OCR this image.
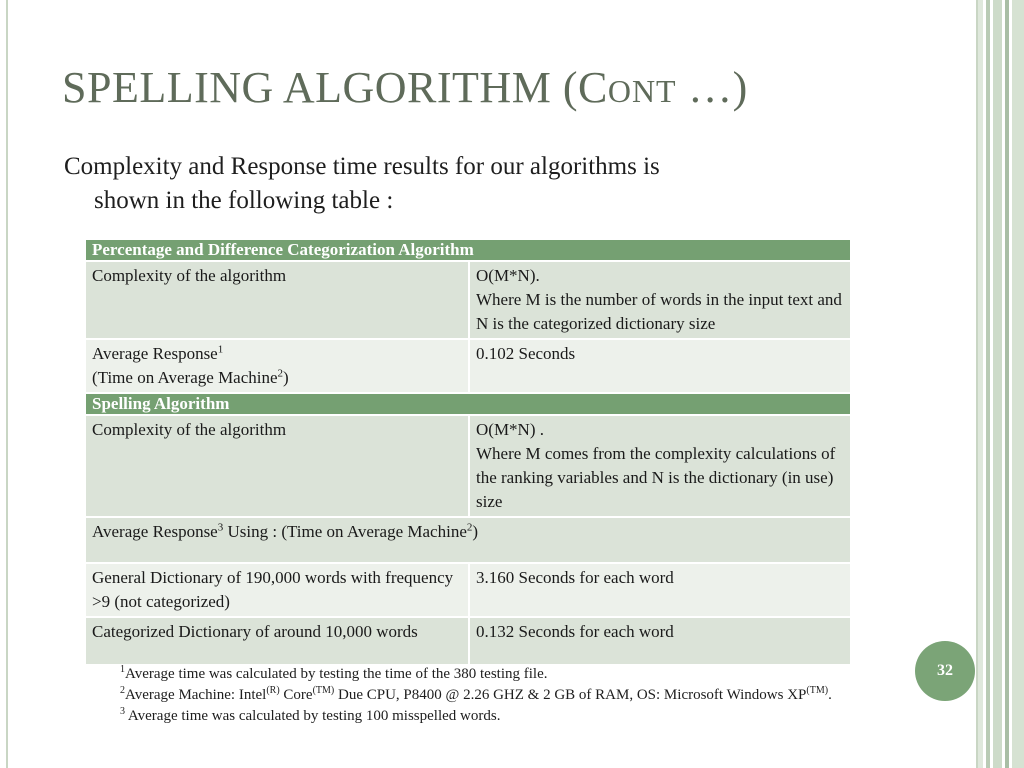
SPELLING ALGORITHM (CONT …)
Complexity and Response time results for our algorithms is
shown in the following table :
Percentage and Difference Categorization Algorithm	
Complexity of the algorithm	O(M*N).
Where M is the number of words in the input text and N is the categorized dictionary size

Average Response$^1$
(Time on Average Machine$^2$)	0.102 Seconds
Spelling Algorithm	
Complexity of the algorithm	O(M*N) .
Where M comes from the complexity calculations of the ranking variables and N is the dictionary (in use) size

Average Response$^3$ Using : (Time on Average Machine$^2$)	
General Dictionary of 190,000 words with frequency >9 (not categorized)	3.160 Seconds for each word
Categorized Dictionary of around 10,000 words	0.132 Seconds for each word
$^1$Average time was calculated by testing the time of the 380 testing file.
$^2$Average Machine: Intel$^{(R)}$ Core$^{(TM)}$ Due CPU, P8400 @ 2.26 GHZ & 2 GB of RAM, OS: Microsoft Windows $XP^{(TM)}$.
$^3$ Average time was calculated by testing 100 misspelled words.
32
